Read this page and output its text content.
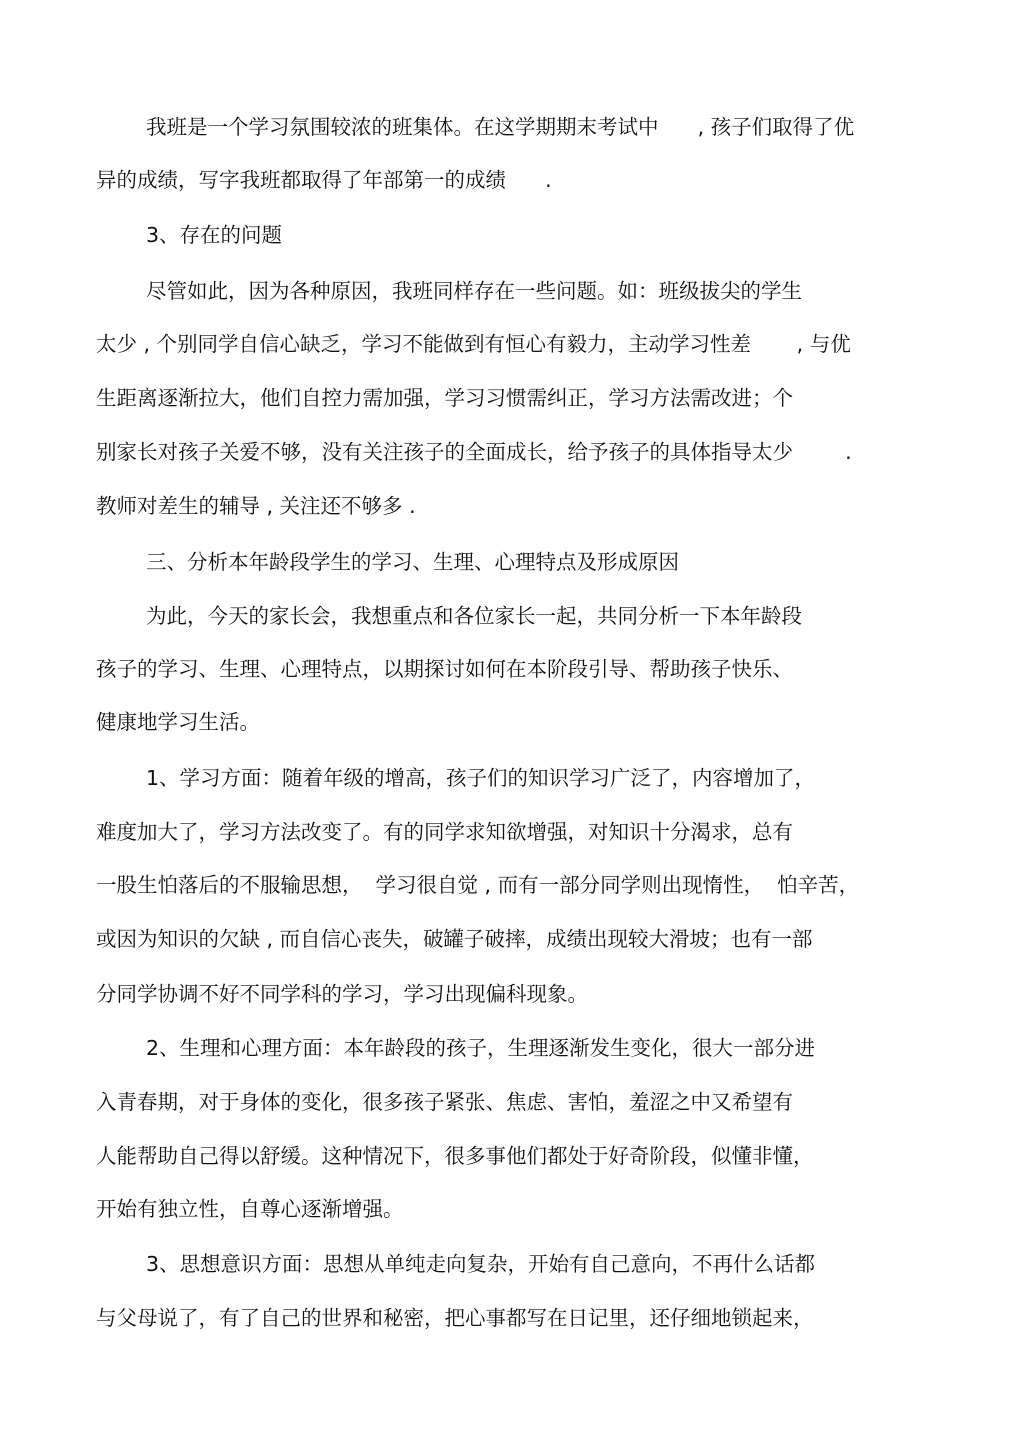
我班是一个学习氛围较浓的班集体。在这学期期末考试中      , 孩子们取得了优

异的成绩，写字我班都取得了年部第一的成绩      .

3、存在的问题

尽管如此，因为各种原因，我班同样存在一些问题。如：班级拔尖的学生

太少 , 个别同学自信心缺乏，学习不能做到有恒心有毅力，主动学习性差       , 与优

生距离逐渐拉大，他们自控力需加强，学习习惯需纠正，学习方法需改进；个

别家长对孩子关爱不够，没有关注孩子的全面成长，给予孩子的具体指导太少        .

教师对差生的辅导 , 关注还不够多 .

三、分析本年龄段学生的学习、生理、心理特点及形成原因

为此，今天的家长会，我想重点和各位家长一起，共同分析一下本年龄段

孩子的学习、生理、心理特点，以期探讨如何在本阶段引导、帮助孩子快乐、

健康地学习生活。

1、学习方面：随着年级的增高，孩子们的知识学习广泛了，内容增加了，

难度加大了，学习方法改变了。有的同学求知欲增强，对知识十分渴求，总有

一股生怕落后的不服输思想，  学习很自觉 , 而有一部分同学则出现惰性，  怕辛苦，

或因为知识的欠缺 , 而自信心丧失，破罐子破摔，成绩出现较大滑坡；也有一部

分同学协调不好不同学科的学习，学习出现偏科现象。

2、生理和心理方面：本年龄段的孩子，生理逐渐发生变化，很大一部分进

入青春期，对于身体的变化，很多孩子紧张、焦虑、害怕，羞涩之中又希望有

人能帮助自己得以舒缓。这种情况下，很多事他们都处于好奇阶段，似懂非懂，

开始有独立性，自尊心逐渐增强。

3、思想意识方面：思想从单纯走向复杂，开始有自己意向，不再什么话都

与父母说了，有了自己的世界和秘密，把心事都写在日记里，还仔细地锁起来，
